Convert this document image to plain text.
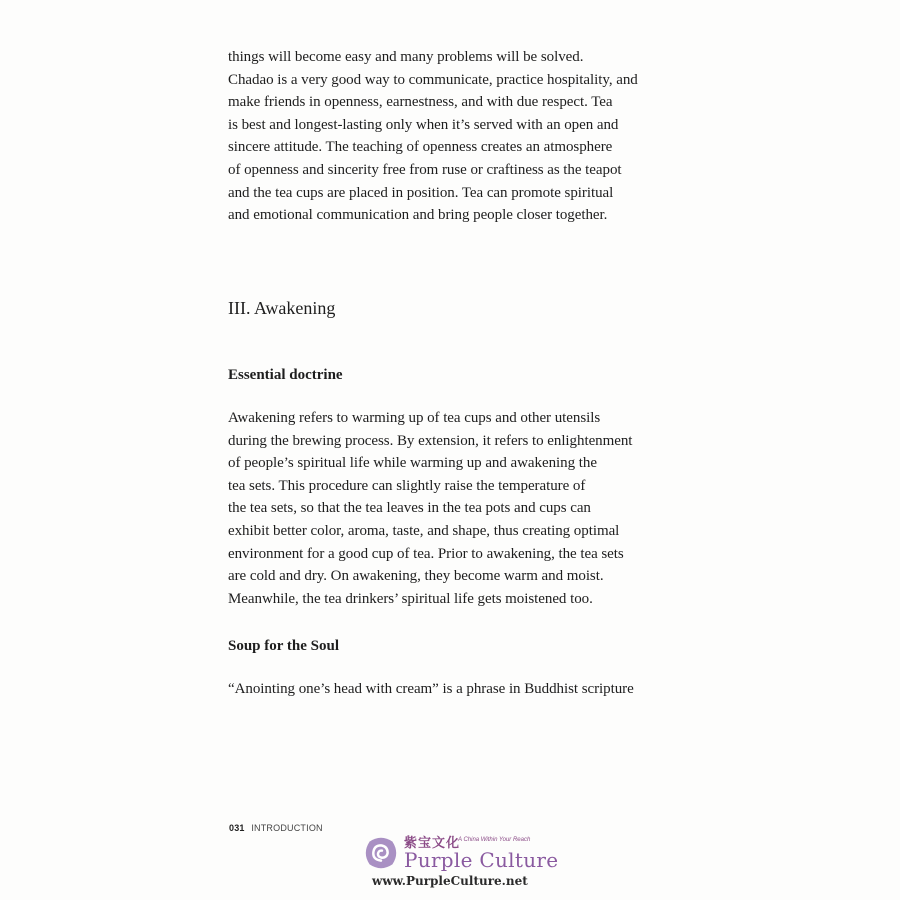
things will become easy and many problems will be solved.
Chadao is a very good way to communicate, practice hospitality, and
make friends in openness, earnestness, and with due respect. Tea
is best and longest-lasting only when it’s served with an open and
sincere attitude. The teaching of openness creates an atmosphere
of openness and sincerity free from ruse or craftiness as the teapot
and the tea cups are placed in position. Tea can promote spiritual
and emotional communication and bring people closer together.

III. Awakening
Essential doctrine

Awakening refers to warming up of tea cups and other utensils
during the brewing process. By extension, it refers to enlightenment
of people’s spiritual life while warming up and awakening the
tea sets. This procedure can slightly raise the temperature of
the tea sets, so that the tea leaves in the tea pots and cups can
exhibit better color, aroma, taste, and shape, thus creating optimal
environment for a good cup of tea. Prior to awakening, the tea sets
are cold and dry. On awakening, they become warm and moist.
Meanwhile, the tea drinkers’ spiritual life gets moistened too.

Soup for the Soul

“Anointing one’s head with cream” is a phrase in Buddhist scripture

031 INTRODUCTION
紫宝文化
A China Within Your Reach
Purple Culture
www.PurpleCulture.net
